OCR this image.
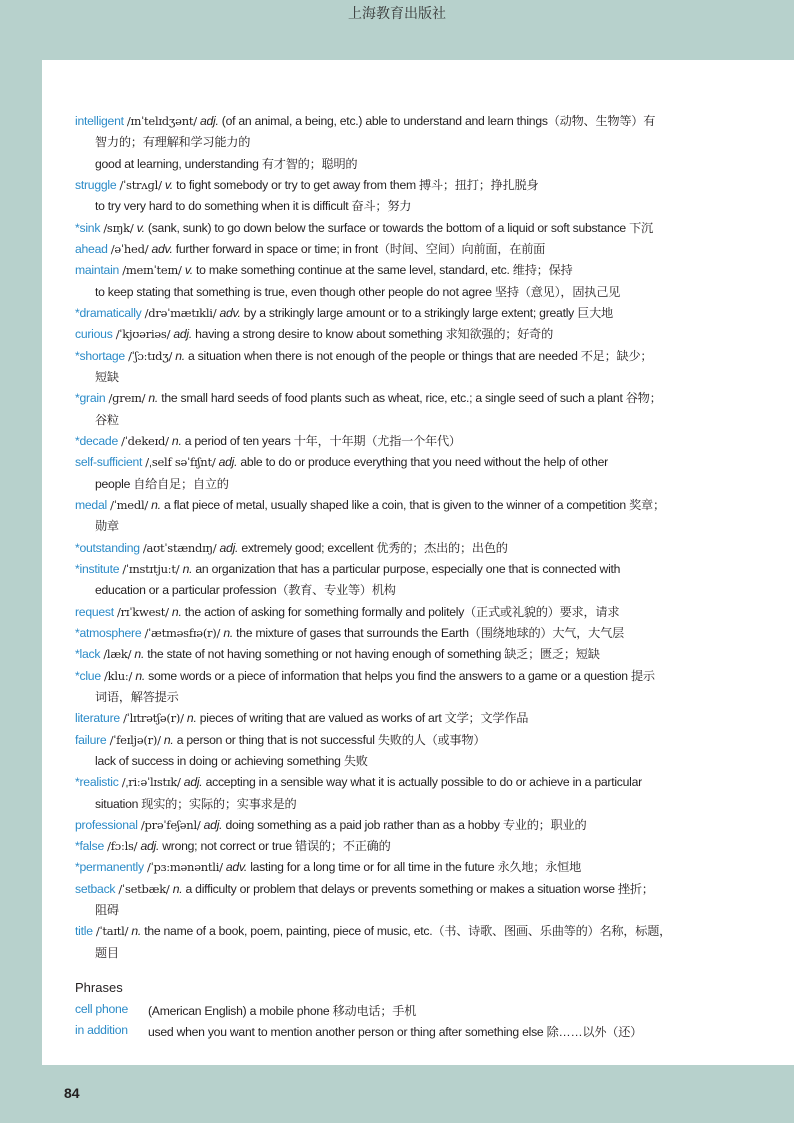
上海教育出版社
intelligent /ɪnˈtelɪdʒənt/ adj. (of an animal, a being, etc.) able to understand and learn things（动物、生物等）有
智力的；有理解和学习能力的
good at learning, understanding 有才智的；聪明的
struggle /ˈstrʌɡl/ v. to fight somebody or try to get away from them 搏斗；扭打；挣扎脱身
to try very hard to do something when it is difficult 奋斗；努力
*sink /sɪŋk/ v. (sank, sunk) to go down below the surface or towards the bottom of a liquid or soft substance 下沉
ahead /əˈhed/ adv. further forward in space or time; in front（时间、空间）向前面，在前面
maintain /meɪnˈteɪn/ v. to make something continue at the same level, standard, etc. 维持；保持
to keep stating that something is true, even though other people do not agree 坚持（意见），固执己见
*dramatically /drəˈmætɪkli/ adv. by a strikingly large amount or to a strikingly large extent; greatly 巨大地
curious /ˈkjʊəriəs/ adj. having a strong desire to know about something 求知欲强的；好奇的
*shortage /ˈʃɔːtɪdʒ/ n. a situation when there is not enough of the people or things that are needed 不足；缺少；
短缺
*grain /ɡreɪn/ n. the small hard seeds of food plants such as wheat, rice, etc.; a single seed of such a plant 谷物；
谷粒
*decade /ˈdekeɪd/ n. a period of ten years 十年，十年期（尤指一个年代）
self-sufficient /ˌself səˈfɪʃnt/ adj. able to do or produce everything that you need without the help of other
people 自给自足；自立的
medal /ˈmedl/ n. a flat piece of metal, usually shaped like a coin, that is given to the winner of a competition 奖章；
勋章
*outstanding /aʊtˈstændɪŋ/ adj. extremely good; excellent 优秀的；杰出的；出色的
*institute /ˈɪnstɪtjuːt/ n. an organization that has a particular purpose, especially one that is connected with
education or a particular profession（教育、专业等）机构
request /rɪˈkwest/ n. the action of asking for something formally and politely（正式或礼貌的）要求，请求
*atmosphere /ˈætməsfɪə(r)/ n. the mixture of gases that surrounds the Earth（围绕地球的）大气，大气层
*lack /læk/ n. the state of not having something or not having enough of something 缺乏；匮乏；短缺
*clue /kluː/ n. some words or a piece of information that helps you find the answers to a game or a question 提示
词语，解答提示
literature /ˈlɪtrətʃə(r)/ n. pieces of writing that are valued as works of art 文学；文学作品
failure /ˈfeɪljə(r)/ n. a person or thing that is not successful 失败的人（或事物）
lack of success in doing or achieving something 失败
*realistic /ˌriːəˈlɪstɪk/ adj. accepting in a sensible way what it is actually possible to do or achieve in a particular
situation 现实的；实际的；实事求是的
professional /prəˈfeʃənl/ adj. doing something as a paid job rather than as a hobby 专业的；职业的
*false /fɔːls/ adj. wrong; not correct or true 错误的；不正确的
*permanently /ˈpɜːmənəntli/ adv. lasting for a long time or for all time in the future 永久地；永恒地
setback /ˈsetbæk/ n. a difficulty or problem that delays or prevents something or makes a situation worse 挫折；
阻碍
title /ˈtaɪtl/ n. the name of a book, poem, painting, piece of music, etc.（书、诗歌、图画、乐曲等的）名称，标题，
题目
Phrases
cell phone (American English) a mobile phone 移动电话；手机
in addition used when you want to mention another person or thing after something else 除……以外（还）
84
